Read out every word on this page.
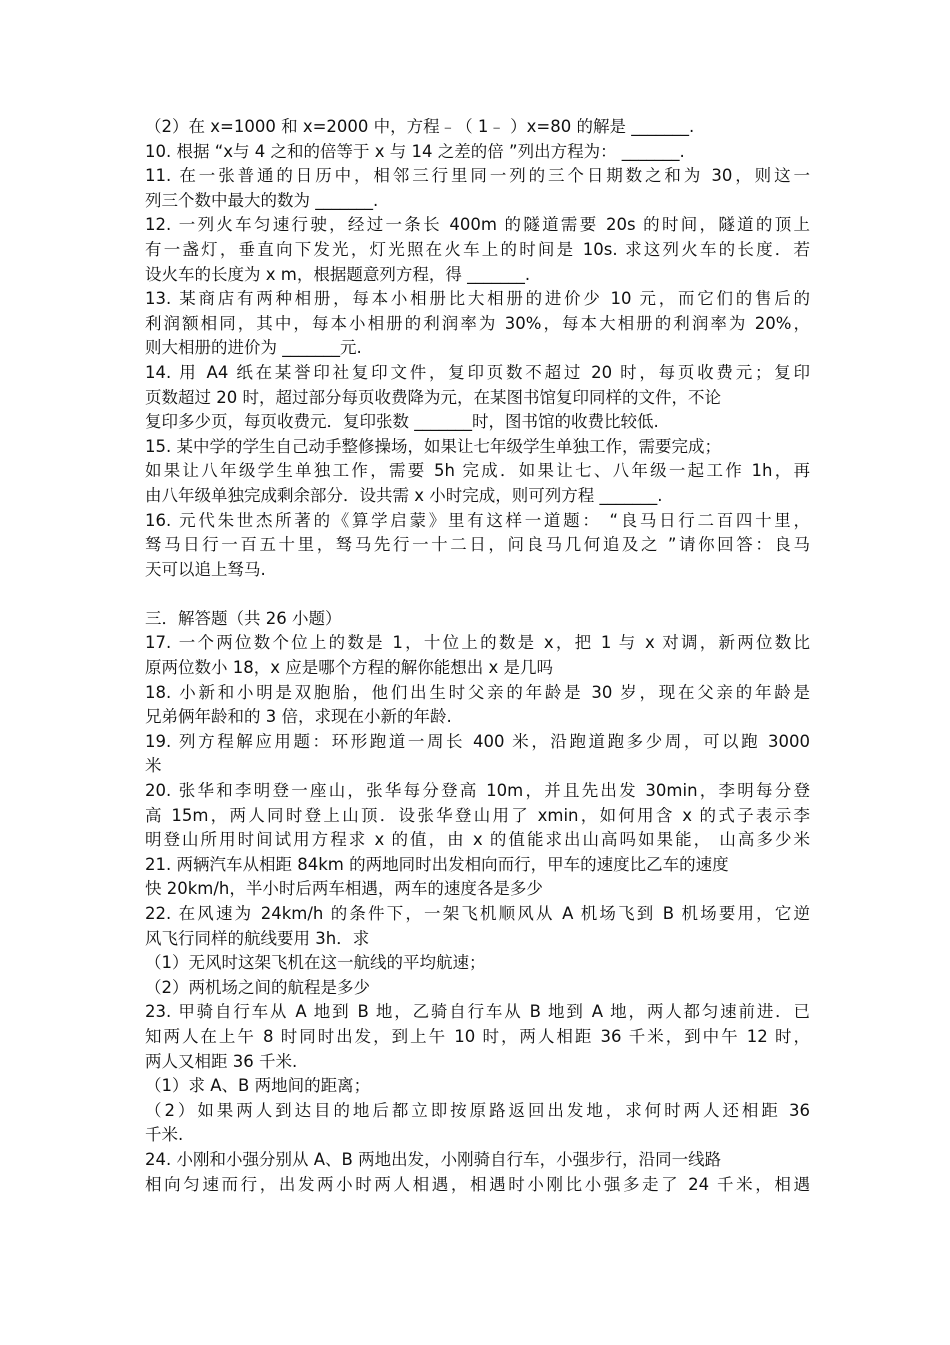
（2）在 x=1000 和 x=2000 中，方程﹣（ 1﹣ ）x=80 的解是 _______.
10. 根据 “x与 4 之和的倍等于 x 与 14 之差的倍 ”列出方程为： _______.
11. 在一张普通的日历中，相邻三行里同一列的三个日期数之和为 30，则这一
列三个数中最大的数为 _______.
12. 一列火车匀速行驶，经过一条长 400m 的隧道需要 20s 的时间，隧道的顶上
有一盏灯，垂直向下发光，灯光照在火车上的时间是 10s. 求这列火车的长度．若
设火车的长度为 x m，根据题意列方程，得 _______.
13. 某商店有两种相册，每本小相册比大相册的进价少 10 元，而它们的售后的
利润额相同，其中，每本小相册的利润率为 30%，每本大相册的利润率为 20%，
则大相册的进价为 _______元.
14. 用 A4 纸在某誉印社复印文件，复印页数不超过 20 时，每页收费元；复印
页数超过 20 时，超过部分每页收费降为元，在某图书馆复印同样的文件，不论
复印多少页，每页收费元．复印张数 _______时，图书馆的收费比较低.
15. 某中学的学生自己动手整修操场，如果让七年级学生单独工作，需要完成；
如果让八年级学生单独工作，需要 5h 完成．如果让七、八年级一起工作 1h，再
由八年级单独完成剩余部分．设共需 x 小时完成，则可列方程 _______.
16. 元代朱世杰所著的《算学启蒙》里有这样一道题： “良马日行二百四十里，
驽马日行一百五十里，驽马先行一十二日，问良马几何追及之 ”请你回答：良马
天可以追上驽马.
三．解答题（共 26 小题）
17. 一个两位数个位上的数是 1，十位上的数是 x，把 1 与 x 对调，新两位数比
原两位数小 18，x 应是哪个方程的解你能想出 x 是几吗
18. 小新和小明是双胞胎，他们出生时父亲的年龄是 30 岁，现在父亲的年龄是
兄弟俩年龄和的 3 倍，求现在小新的年龄.
19. 列方程解应用题：环形跑道一周长 400 米，沿跑道跑多少周，可以跑 3000
米
20. 张华和李明登一座山，张华每分登高 10m，并且先出发 30min，李明每分登
高 15m，两人同时登上山顶．设张华登山用了 xmin，如何用含 x 的式子表示李
明登山所用时间试用方程求 x 的值，由 x 的值能求出山高吗如果能， 山高多少米
21. 两辆汽车从相距 84km 的两地同时出发相向而行，甲车的速度比乙车的速度
快 20km/h，半小时后两车相遇，两车的速度各是多少
22. 在风速为 24km/h 的条件下，一架飞机顺风从 A 机场飞到 B 机场要用，它逆
风飞行同样的航线要用 3h．求
（1）无风时这架飞机在这一航线的平均航速；
（2）两机场之间的航程是多少
23. 甲骑自行车从 A 地到 B 地，乙骑自行车从 B 地到 A 地，两人都匀速前进．已
知两人在上午 8 时同时出发，到上午 10 时，两人相距 36 千米，到中午 12 时，
两人又相距 36 千米.
（1）求 A、B 两地间的距离；
（2）如果两人到达目的地后都立即按原路返回出发地，求何时两人还相距 36
千米.
24. 小刚和小强分别从 A、B 两地出发，小刚骑自行车，小强步行，沿同一线路
相向匀速而行，出发两小时两人相遇，相遇时小刚比小强多走了 24 千米，相遇
